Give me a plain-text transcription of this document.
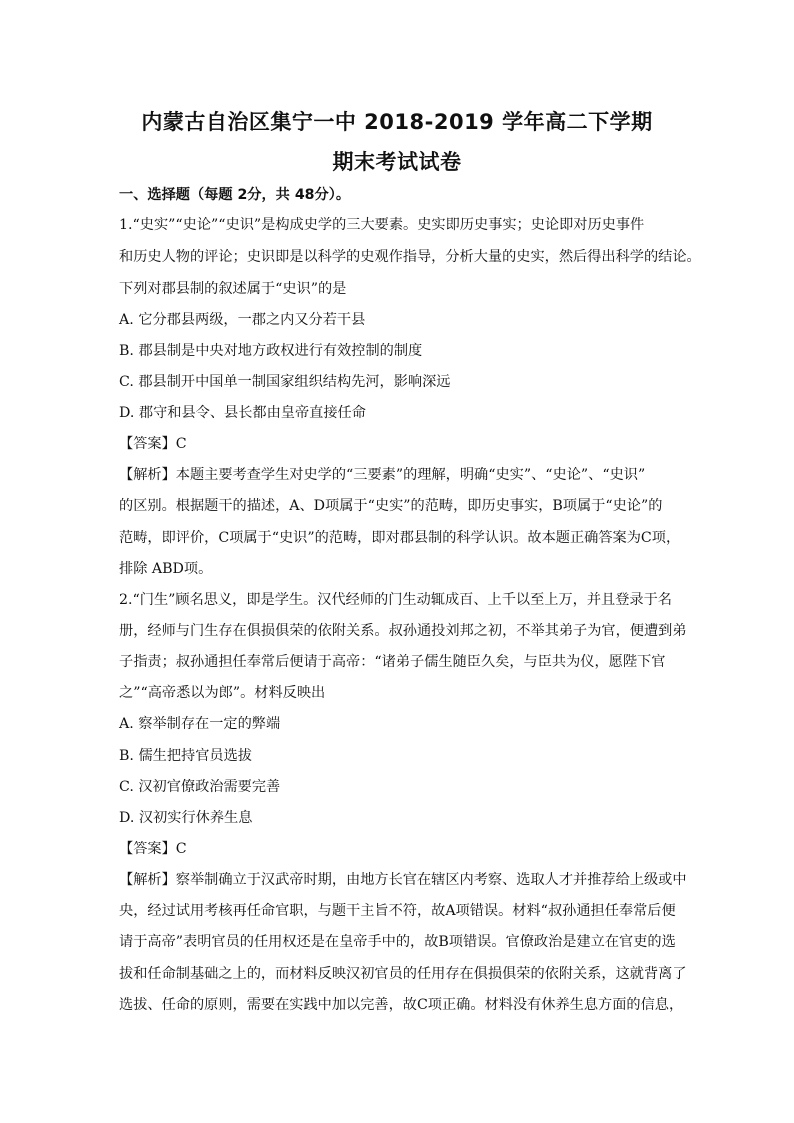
内蒙古自治区集宁一中 2018-2019 学年高二下学期
期末考试试卷
一、选择题（每题 2分，共 48分）。
1.“史实”“史论”“史识”是构成史学的三大要素。史实即历史事实；史论即对历史事件
和历史人物的评论；史识即是以科学的史观作指导，分析大量的史实，然后得出科学的结论。
下列对郡县制的叙述属于“史识”的是
A. 它分郡县两级，一郡之内又分若干县
B. 郡县制是中央对地方政权进行有效控制的制度
C. 郡县制开中国单一制国家组织结构先河，影响深远
D. 郡守和县令、县长都由皇帝直接任命
【答案】C
【解析】本题主要考查学生对史学的“三要素”的理解，明确“史实”、“史论”、“史识”
的区别。根据题干的描述，A、D项属于“史实”的范畴，即历史事实，B项属于“史论”的
范畴，即评价，C项属于“史识”的范畴，即对郡县制的科学认识。故本题正确答案为C项，
排除 ABD项。
2.“门生”顾名思义，即是学生。汉代经师的门生动辄成百、上千以至上万，并且登录于名
册，经师与门生存在俱损俱荣的依附关系。叔孙通投刘邦之初，不举其弟子为官，便遭到弟
子指责；叔孙通担任奉常后便请于高帝：“诸弟子儒生随臣久矣，与臣共为仪，愿陛下官
之”“高帝悉以为郎”。材料反映出
A. 察举制存在一定的弊端
B. 儒生把持官员选拔
C. 汉初官僚政治需要完善
D. 汉初实行休养生息
【答案】C
【解析】察举制确立于汉武帝时期，由地方长官在辖区内考察、选取人才并推荐给上级或中
央，经过试用考核再任命官职，与题干主旨不符，故A项错误。材料“叔孙通担任奉常后便
请于高帝”表明官员的任用权还是在皇帝手中的，故B项错误。官僚政治是建立在官吏的选
拔和任命制基础之上的，而材料反映汉初官员的任用存在俱损俱荣的依附关系，这就背离了
选拔、任命的原则，需要在实践中加以完善，故C项正确。材料没有休养生息方面的信息，
